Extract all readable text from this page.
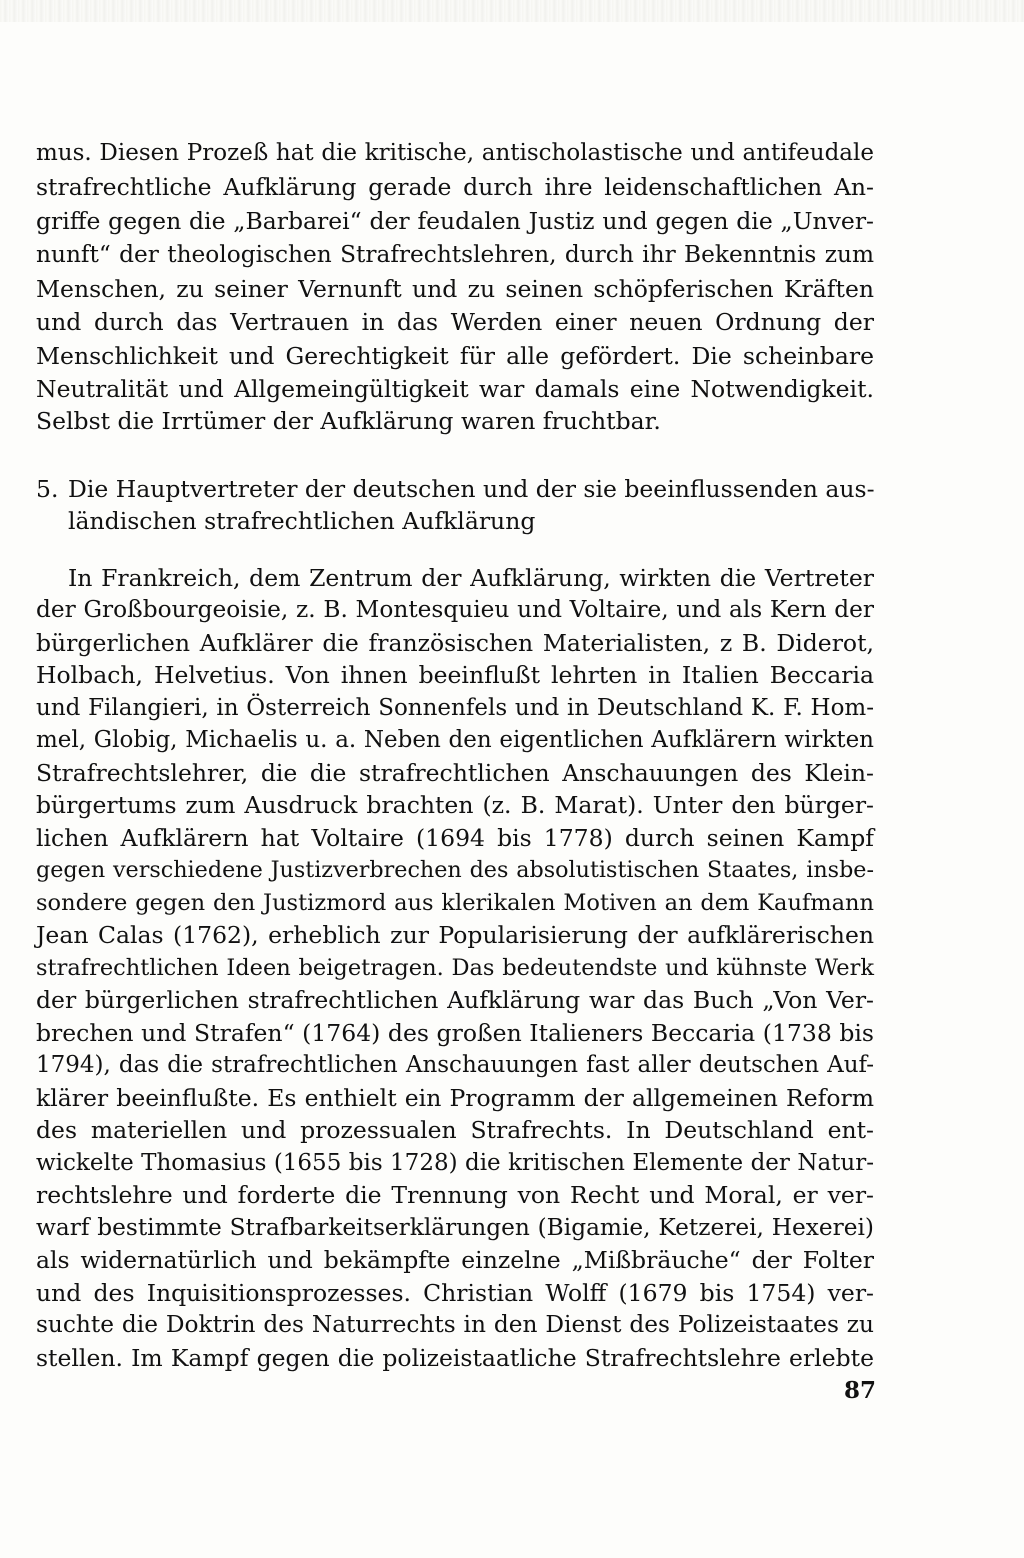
mus. Diesen Prozeß hat die kritische, antischolastische und antifeudale

strafrechtliche Aufklärung gerade durch ihre leidenschaftlichen An-

griffe gegen die „Barbarei“ der feudalen Justiz und gegen die „Unver-

nunft“ der theologischen Strafrechtslehren, durch ihr Bekenntnis zum

Menschen, zu seiner Vernunft und zu seinen schöpferischen Kräften

und durch das Vertrauen in das Werden einer neuen Ordnung der

Menschlichkeit und Gerechtigkeit für alle gefördert. Die scheinbare

Neutralität und Allgemeingültigkeit war damals eine Notwendigkeit.

Selbst die Irrtümer der Aufklärung waren fruchtbar.

5. Die Hauptvertreter der deutschen und der sie beeinflussenden aus-
ländischen strafrechtlichen Aufklärung

In Frankreich, dem Zentrum der Aufklärung, wirkten die Vertreter

der Großbourgeoisie, z. B. Montesquieu und Voltaire, und als Kern der

bürgerlichen Aufklärer die französischen Materialisten, z B. Diderot,

Holbach, Helvetius. Von ihnen beeinflußt lehrten in Italien Beccaria

und Filangieri, in Österreich Sonnenfels und in Deutschland K. F. Hom-

mel, Globig, Michaelis u. a. Neben den eigentlichen Aufklärern wirkten

Strafrechtslehrer, die die strafrechtlichen Anschauungen des Klein-

bürgertums zum Ausdruck brachten (z. B. Marat). Unter den bürger-

lichen Aufklärern hat Voltaire (1694 bis 1778) durch seinen Kampf

gegen verschiedene Justizverbrechen des absolutistischen Staates, insbe-

sondere gegen den Justizmord aus klerikalen Motiven an dem Kaufmann

Jean Calas (1762), erheblich zur Popularisierung der aufklärerischen

strafrechtlichen Ideen beigetragen. Das bedeutendste und kühnste Werk

der bürgerlichen strafrechtlichen Aufklärung war das Buch „Von Ver-

brechen und Strafen“ (1764) des großen Italieners Beccaria (1738 bis

1794), das die strafrechtlichen Anschauungen fast aller deutschen Auf-

klärer beeinflußte. Es enthielt ein Programm der allgemeinen Reform

des materiellen und prozessualen Strafrechts. In Deutschland ent-

wickelte Thomasius (1655 bis 1728) die kritischen Elemente der Natur-

rechtslehre und forderte die Trennung von Recht und Moral, er ver-

warf bestimmte Strafbarkeitserklärungen (Bigamie, Ketzerei, Hexerei)

als widernatürlich und bekämpfte einzelne „Mißbräuche“ der Folter

und des Inquisitionsprozesses. Christian Wolff (1679 bis 1754) ver-

suchte die Doktrin des Naturrechts in den Dienst des Polizeistaates zu

stellen. Im Kampf gegen die polizeistaatliche Strafrechtslehre erlebte

87
